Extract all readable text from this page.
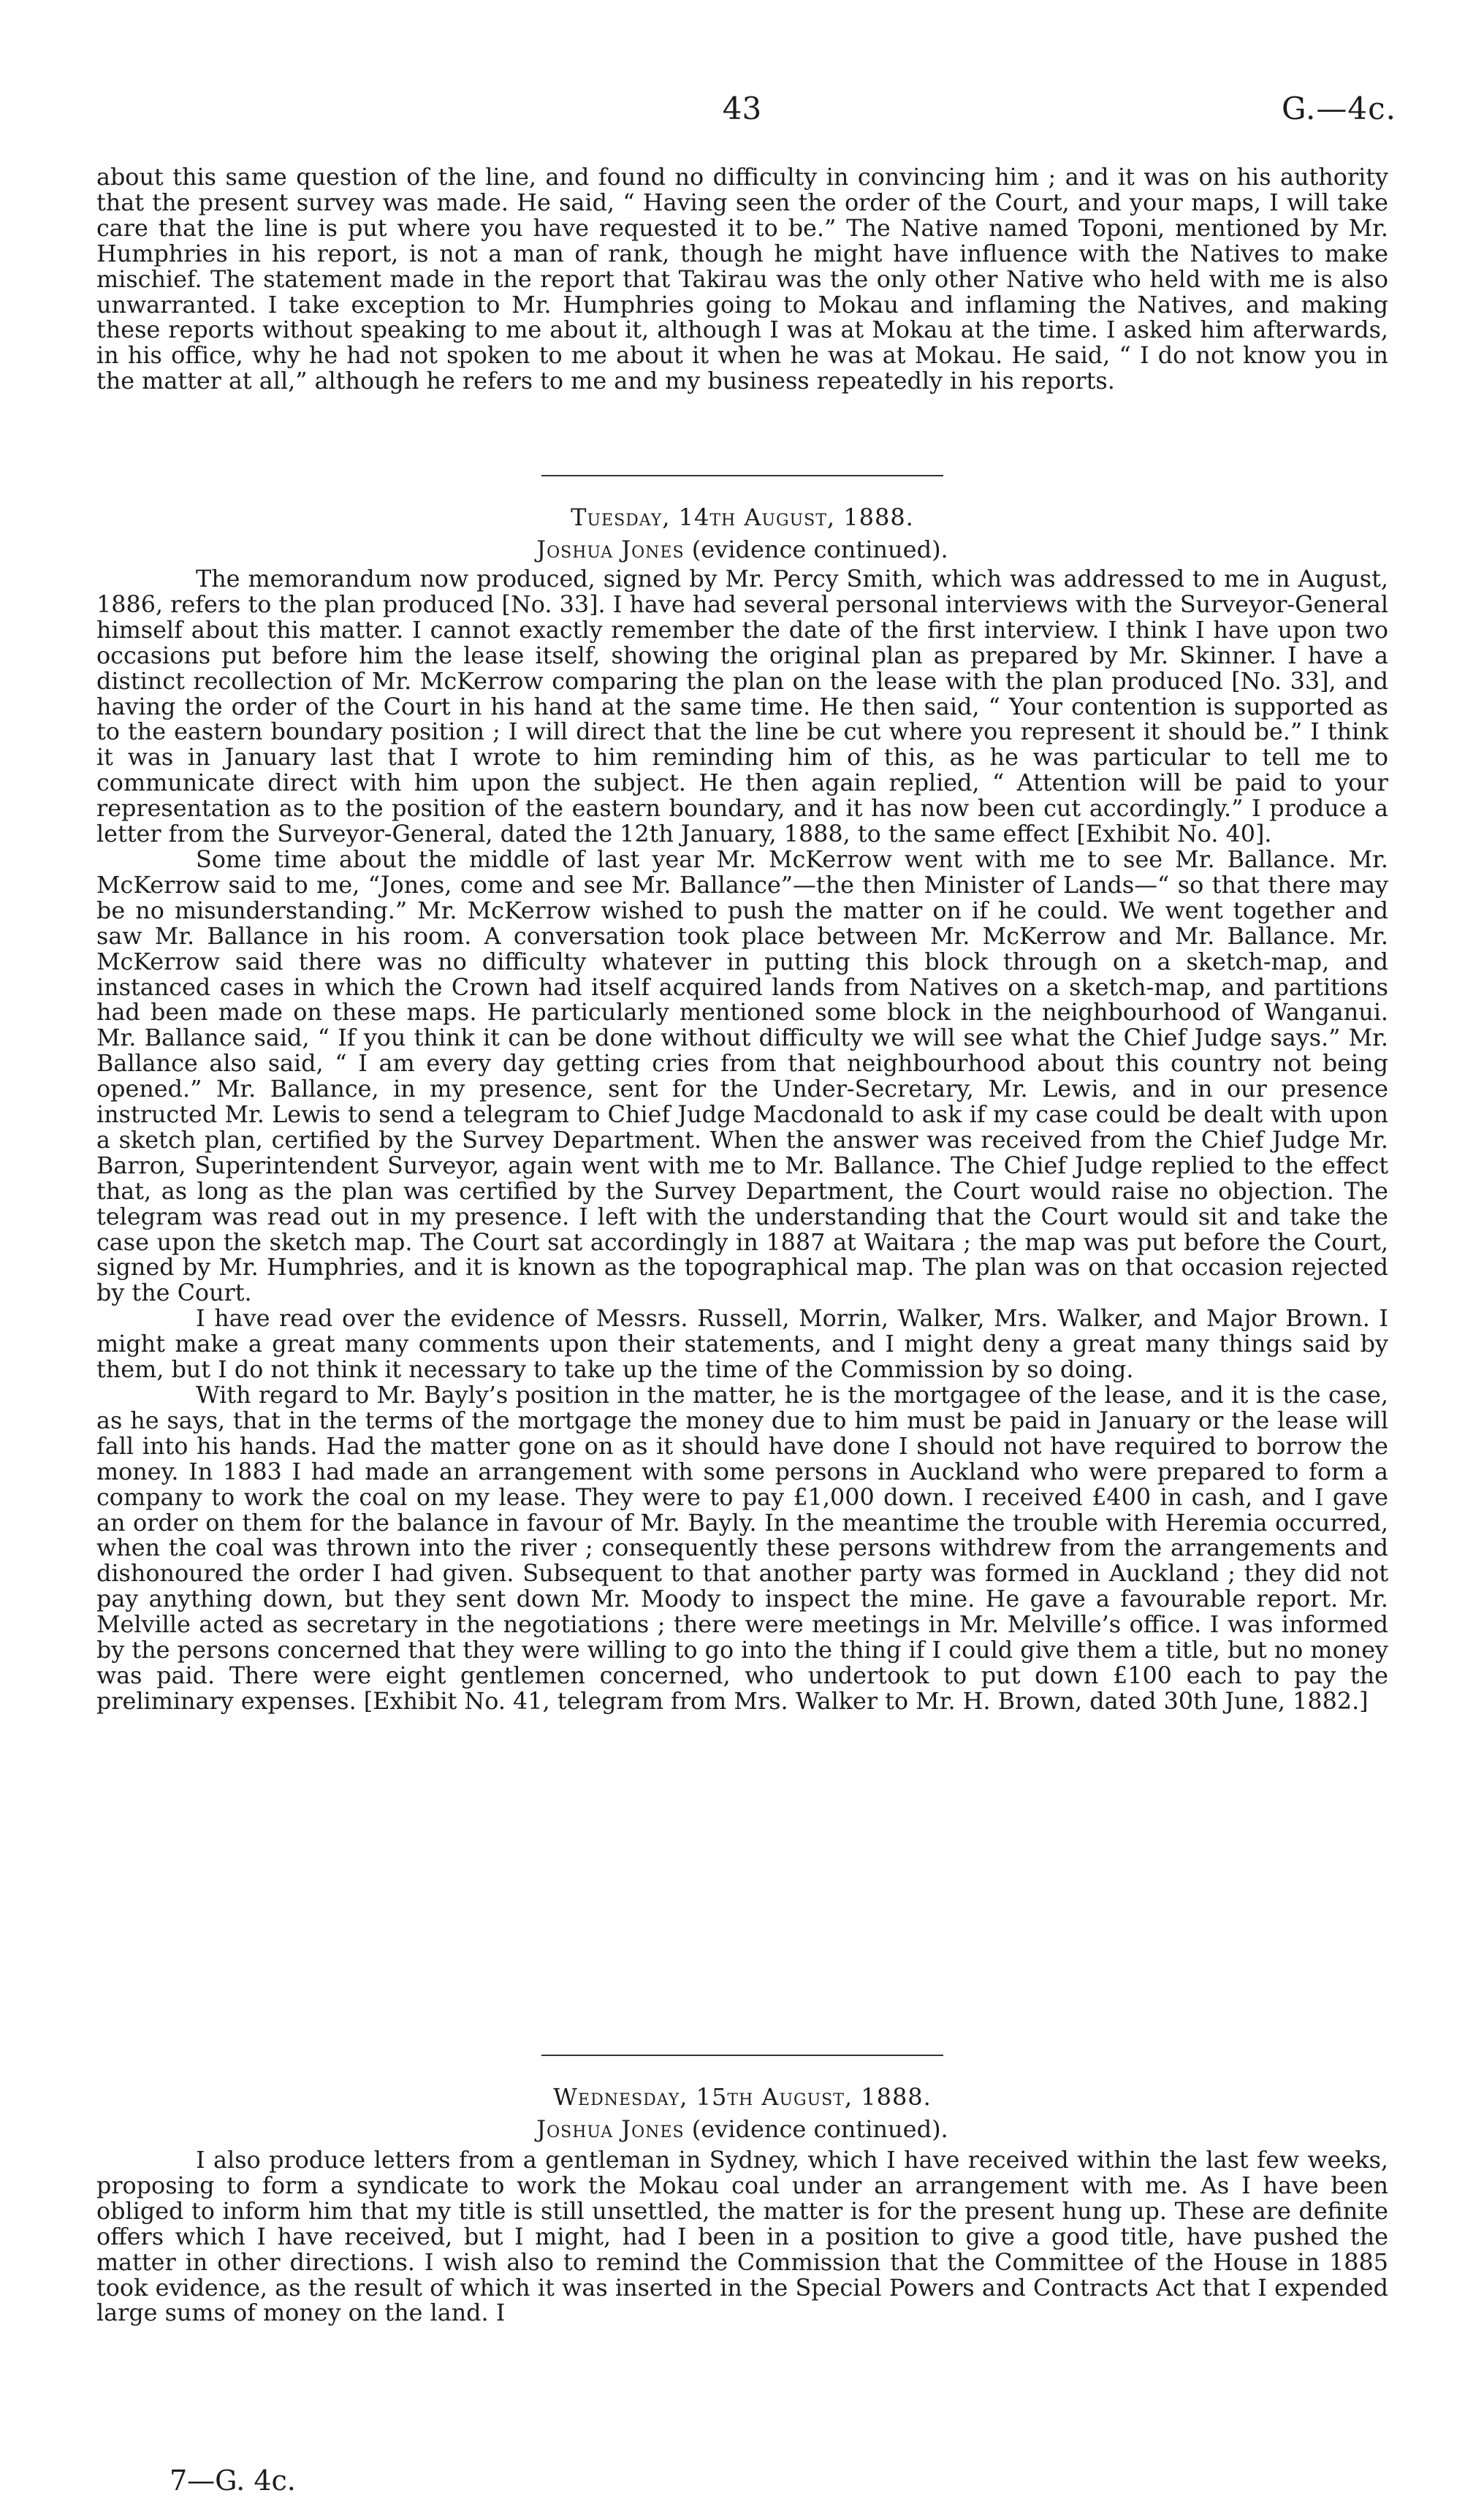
43	G.—4c.

about this same question of the line, and found no difficulty in convincing him ; and it was on his authority that the present survey was made. He said, “ Having seen the order of the Court, and your maps, I will take care that the line is put where you have requested it to be.” The Native named Toponi, mentioned by Mr. Humphries in his report, is not a man of rank, though he might have influence with the Natives to make mischief. The statement made in the report that Takirau was the only other Native who held with me is also unwarranted. I take exception to Mr. Humphries going to Mokau and inflaming the Natives, and making these reports without speaking to me about it, although I was at Mokau at the time. I asked him afterwards, in his office, why he had not spoken to me about it when he was at Mokau. He said, “ I do not know you in the matter at all,” although he refers to me and my business repeatedly in his reports.

Tuesday, 14th August, 1888.
Joshua Jones (evidence continued).

The memorandum now produced, signed by Mr. Percy Smith, which was addressed to me in August, 1886, refers to the plan produced [No. 33]. I have had several personal interviews with the Surveyor-General himself about this matter. I cannot exactly remember the date of the first interview. I think I have upon two occasions put before him the lease itself, showing the original plan as prepared by Mr. Skinner. I have a distinct recollection of Mr. McKerrow comparing the plan on the lease with the plan produced [No. 33], and having the order of the Court in his hand at the same time. He then said, “ Your contention is supported as to the eastern boundary position ; I will direct that the line be cut where you represent it should be.” I think it was in January last that I wrote to him reminding him of this, as he was particular to tell me to communicate direct with him upon the subject. He then again replied, “ Attention will be paid to your representation as to the position of the eastern boundary, and it has now been cut accordingly.” I produce a letter from the Surveyor-General, dated the 12th January, 1888, to the same effect [Exhibit No. 40].

Some time about the middle of last year Mr. McKerrow went with me to see Mr. Ballance. Mr. McKerrow said to me, “Jones, come and see Mr. Ballance”—the then Minister of Lands—“ so that there may be no misunderstanding.” Mr. McKerrow wished to push the matter on if he could. We went together and saw Mr. Ballance in his room. A conversation took place between Mr. McKerrow and Mr. Ballance. Mr. McKerrow said there was no difficulty whatever in putting this block through on a sketch-map, and instanced cases in which the Crown had itself acquired lands from Natives on a sketch-map, and partitions had been made on these maps. He particularly mentioned some block in the neighbourhood of Wanganui. Mr. Ballance said, “ If you think it can be done without difficulty we will see what the Chief Judge says.” Mr. Ballance also said, “ I am every day getting cries from that neighbourhood about this country not being opened.” Mr. Ballance, in my presence, sent for the Under-Secretary, Mr. Lewis, and in our presence instructed Mr. Lewis to send a telegram to Chief Judge Macdonald to ask if my case could be dealt with upon a sketch plan, certified by the Survey Department. When the answer was received from the Chief Judge Mr. Barron, Superintendent Surveyor, again went with me to Mr. Ballance. The Chief Judge replied to the effect that, as long as the plan was certified by the Survey Department, the Court would raise no objection. The telegram was read out in my presence. I left with the understanding that the Court would sit and take the case upon the sketch map. The Court sat accordingly in 1887 at Waitara ; the map was put before the Court, signed by Mr. Humphries, and it is known as the topographical map. The plan was on that occasion rejected by the Court.

I have read over the evidence of Messrs. Russell, Morrin, Walker, Mrs. Walker, and Major Brown. I might make a great many comments upon their statements, and I might deny a great many things said by them, but I do not think it necessary to take up the time of the Commission by so doing.

With regard to Mr. Bayly’s position in the matter, he is the mortgagee of the lease, and it is the case, as he says, that in the terms of the mortgage the money due to him must be paid in January or the lease will fall into his hands. Had the matter gone on as it should have done I should not have required to borrow the money. In 1883 I had made an arrangement with some persons in Auckland who were prepared to form a company to work the coal on my lease. They were to pay £1,000 down. I received £400 in cash, and I gave an order on them for the balance in favour of Mr. Bayly. In the meantime the trouble with Heremia occurred, when the coal was thrown into the river ; consequently these persons withdrew from the arrangements and dishonoured the order I had given. Subsequent to that another party was formed in Auckland ; they did not pay anything down, but they sent down Mr. Moody to inspect the mine. He gave a favourable report. Mr. Melville acted as secretary in the negotiations ; there were meetings in Mr. Melville’s office. I was informed by the persons concerned that they were willing to go into the thing if I could give them a title, but no money was paid. There were eight gentlemen concerned, who undertook to put down £100 each to pay the preliminary expenses. [Exhibit No. 41, telegram from Mrs. Walker to Mr. H. Brown, dated 30th June, 1882.]

Wednesday, 15th August, 1888.
Joshua Jones (evidence continued).

I also produce letters from a gentleman in Sydney, which I have received within the last few weeks, proposing to form a syndicate to work the Mokau coal under an arrangement with me. As I have been obliged to inform him that my title is still unsettled, the matter is for the present hung up. These are definite offers which I have received, but I might, had I been in a position to give a good title, have pushed the matter in other directions. I wish also to remind the Commission that the Committee of the House in 1885 took evidence, as the result of which it was inserted in the Special Powers and Contracts Act that I expended large sums of money on the land. I

7—G. 4c.
